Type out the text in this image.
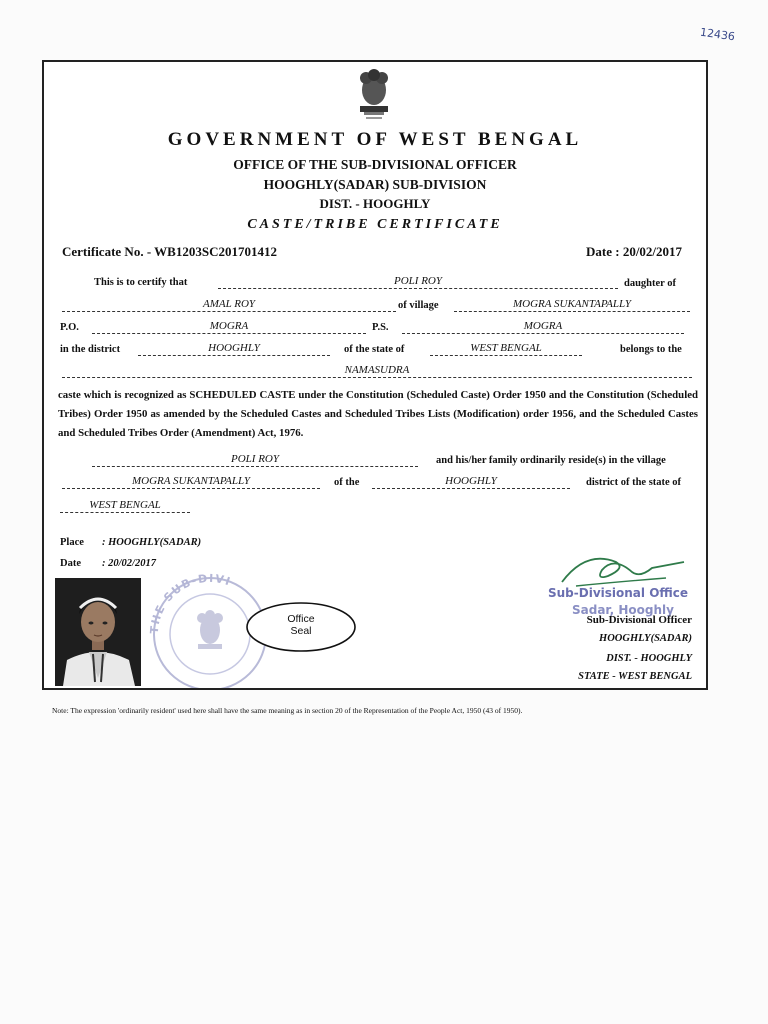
12436
GOVERNMENT OF WEST BENGAL
OFFICE OF THE SUB-DIVISIONAL OFFICER
HOOGHLY(SADAR) SUB-DIVISION
DIST. - HOOGHLY
CASTE/TRIBE CERTIFICATE
Certificate No. - WB1203SC201701412	Date : 20/02/2017
This is to certify that	POLI ROY	daughter of
AMAL ROY	of village	MOGRA SUKANTAPALLY
P.O.	MOGRA	P.S.	MOGRA
in the district	HOOGHLY	of the state of	WEST BENGAL	belongs to the
NAMASUDRA
caste which is recognized as SCHEDULED CASTE under the Constitution (Scheduled Caste) Order 1950 and the Constitution (Scheduled Tribes) Order 1950 as amended by the Scheduled Castes and Scheduled Tribes Lists (Modification) order 1956, and the Scheduled Castes and Scheduled Tribes Order (Amendment) Act, 1976.
POLI ROY	and his/her family ordinarily reside(s) in the village
MOGRA SUKANTAPALLY	of the	HOOGHLY	district of the state of
WEST BENGAL
Place : HOOGHLY(SADAR)
Date : 20/02/2017
THE SUB-DIVI
Office
Seal
Sub-Divisional Office
Sadar, Hooghly
Sub-Divisional Officer
HOOGHLY(SADAR)
DIST. - HOOGHLY
STATE - WEST BENGAL
Note: The expression 'ordinarily resident' used here shall have the same meaning as in section 20 of the Representation of the People Act, 1950 (43 of 1950).
